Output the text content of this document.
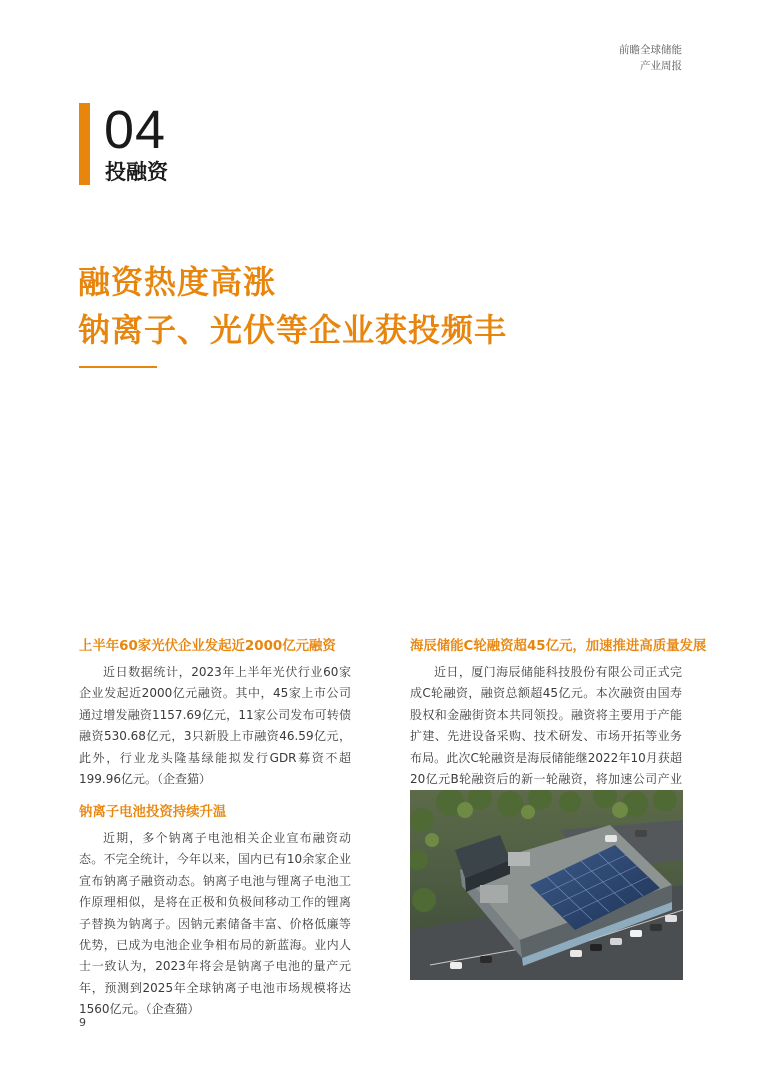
前瞻全球储能
产业周报
04
投融资
融资热度高涨
钠离子、光伏等企业获投频丰

上半年60家光伏企业发起近2000亿元融资

近日数据统计，2023年上半年光伏行业60家企业发起近2000亿元融资。其中，45家上市公司通过增发融资1157.69亿元，11家公司发布可转债融资530.68亿元，3只新股上市融资46.59亿元，此外，行业龙头隆基绿能拟发行GDR募资不超199.96亿元。（企查猫）

钠离子电池投资持续升温

近期，多个钠离子电池相关企业宣布融资动态。不完全统计，今年以来，国内已有10余家企业宣布钠离子融资动态。钠离子电池与锂离子电池工作原理相似，是将在正极和负极间移动工作的锂离子替换为钠离子。因钠元素储备丰富、价格低廉等优势，已成为电池企业争相布局的新蓝海。业内人士一致认为，2023年将会是钠离子电池的量产元年，预测到2025年全球钠离子电池市场规模将达1560亿元。（企查猫）

海辰储能C轮融资超45亿元，加速推进高质量发展

近日，厦门海辰储能科技股份有限公司正式完成C轮融资，融资总额超45亿元。本次融资由国寿股权和金融街资本共同领投。融资将主要用于产能扩建、先进设备采购、技术研发、市场开拓等业务布局。此次C轮融资是海辰储能继2022年10月获超20亿元B轮融资后的新一轮融资，将加速公司产业

9
